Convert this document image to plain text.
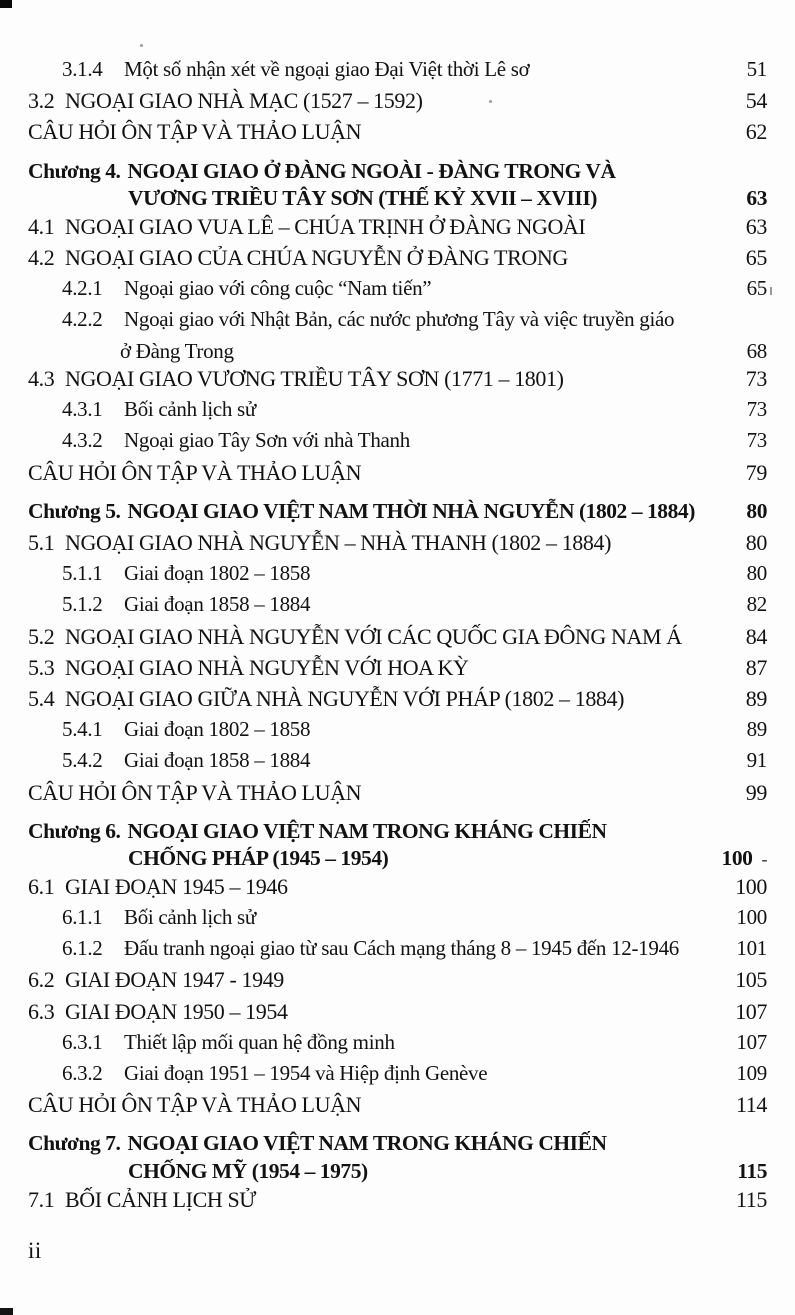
3.1.4	Một số nhận xét về ngoại giao Đại Việt thời Lê sơ	51
3.2 NGOẠI GIAO NHÀ MẠC (1527 – 1592)	54
CÂU HỎI ÔN TẬP VÀ THẢO LUẬN	62
Chương 4. NGOẠI GIAO Ở ĐÀNG NGOÀI - ĐÀNG TRONG VÀ
VƯƠNG TRIỀU TÂY SƠN (THẾ KỶ XVII – XVIII)	63
4.1 NGOẠI GIAO VUA LÊ – CHÚA TRỊNH Ở ĐÀNG NGOÀI	63
4.2 NGOẠI GIAO CỦA CHÚA NGUYỄN Ở ĐÀNG TRONG	65
4.2.1	Ngoại giao với công cuộc “Nam tiến”	65
4.2.2	Ngoại giao với Nhật Bản, các nước phương Tây và việc truyền giáo
ở Đàng Trong	68
4.3 NGOẠI GIAO VƯƠNG TRIỀU TÂY SƠN (1771 – 1801)	73
4.3.1	Bối cảnh lịch sử	73
4.3.2	Ngoại giao Tây Sơn với nhà Thanh	73
CÂU HỎI ÔN TẬP VÀ THẢO LUẬN	79
Chương 5. NGOẠI GIAO VIỆT NAM THỜI NHÀ NGUYỄN (1802 – 1884)	80
5.1 NGOẠI GIAO NHÀ NGUYỄN – NHÀ THANH (1802 – 1884)	80
5.1.1	Giai đoạn 1802 – 1858	80
5.1.2	Giai đoạn 1858 – 1884	82
5.2 NGOẠI GIAO NHÀ NGUYỄN VỚI CÁC QUỐC GIA ĐÔNG NAM Á	84
5.3 NGOẠI GIAO NHÀ NGUYỄN VỚI HOA KỲ	87
5.4 NGOẠI GIAO GIỮA NHÀ NGUYỄN VỚI PHÁP (1802 – 1884)	89
5.4.1	Giai đoạn 1802 – 1858	89
5.4.2	Giai đoạn 1858 – 1884	91
CÂU HỎI ÔN TẬP VÀ THẢO LUẬN	99
Chương 6. NGOẠI GIAO VIỆT NAM TRONG KHÁNG CHIẾN
CHỐNG PHÁP (1945 – 1954)	100 -
6.1 GIAI ĐOẠN 1945 – 1946	100
6.1.1	Bối cảnh lịch sử	100
6.1.2	Đấu tranh ngoại giao từ sau Cách mạng tháng 8 – 1945 đến 12-1946	101
6.2 GIAI ĐOẠN 1947 - 1949	105
6.3 GIAI ĐOẠN 1950 – 1954	107
6.3.1	Thiết lập mối quan hệ đồng minh	107
6.3.2	Giai đoạn 1951 – 1954 và Hiệp định Genève	109
CÂU HỎI ÔN TẬP VÀ THẢO LUẬN	114
Chương 7. NGOẠI GIAO VIỆT NAM TRONG KHÁNG CHIẾN
CHỐNG MỸ (1954 – 1975)	115
7.1 BỐI CẢNH LỊCH SỬ	115
ii
